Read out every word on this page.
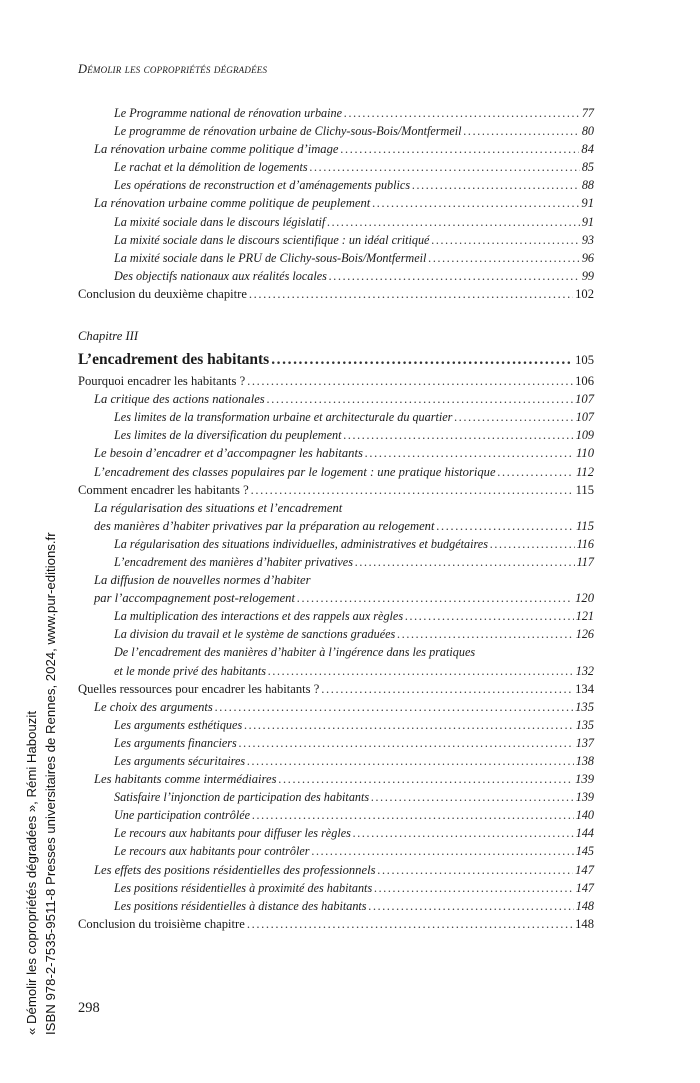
Démolir les copropriétés dégradées
Le Programme national de rénovation urbaine .....	77
Le programme de rénovation urbaine de Clichy-sous-Bois/Montfermeil .....	80
La rénovation urbaine comme politique d’image .....	84
Le rachat et la démolition de logements .....	85
Les opérations de reconstruction et d’aménagements publics .....	88
La rénovation urbaine comme politique de peuplement .....	91
La mixité sociale dans le discours législatif .....	91
La mixité sociale dans le discours scientifique : un idéal critiqué .....	93
La mixité sociale dans le PRU de Clichy-sous-Bois/Montfermeil .....	96
Des objectifs nationaux aux réalités locales .....	99
Conclusion du deuxième chapitre .....	102
Chapitre III
L’encadrement des habitants .....	105
Pourquoi encadrer les habitants ? .....	106
La critique des actions nationales .....	107
Les limites de la transformation urbaine et architecturale du quartier .....	107
Les limites de la diversification du peuplement .....	109
Le besoin d’encadrer et d’accompagner les habitants .....	110
L’encadrement des classes populaires par le logement : une pratique historique .....	112
Comment encadrer les habitants ? .....	115
La régularisation des situations et l’encadrement
des manières d’habiter privatives par la préparation au relogement .....	115
La régularisation des situations individuelles, administratives et budgétaires .....	116
L’encadrement des manières d’habiter privatives .....	117
La diffusion de nouvelles normes d’habiter
par l’accompagnement post-relogement .....	120
La multiplication des interactions et des rappels aux règles .....	121
La division du travail et le système de sanctions graduées .....	126
De l’encadrement des manières d’habiter à l’ingérence dans les pratiques
et le monde privé des habitants .....	132
Quelles ressources pour encadrer les habitants ? .....	134
Le choix des arguments .....	135
Les arguments esthétiques .....	135
Les arguments financiers .....	137
Les arguments sécuritaires .....	138
Les habitants comme intermédiaires .....	139
Satisfaire l’injonction de participation des habitants .....	139
Une participation contrôlée .....	140
Le recours aux habitants pour diffuser les règles .....	144
Le recours aux habitants pour contrôler .....	145
Les effets des positions résidentielles des professionnels .....	147
Les positions résidentielles à proximité des habitants .....	147
Les positions résidentielles à distance des habitants .....	148
Conclusion du troisième chapitre .....	148
« Démolir les copropriétés dégradées », Rémi Habouzit ISBN 978-2-7535-9511-8 Presses universitaires de Rennes, 2024, www.pur-editions.fr 298
